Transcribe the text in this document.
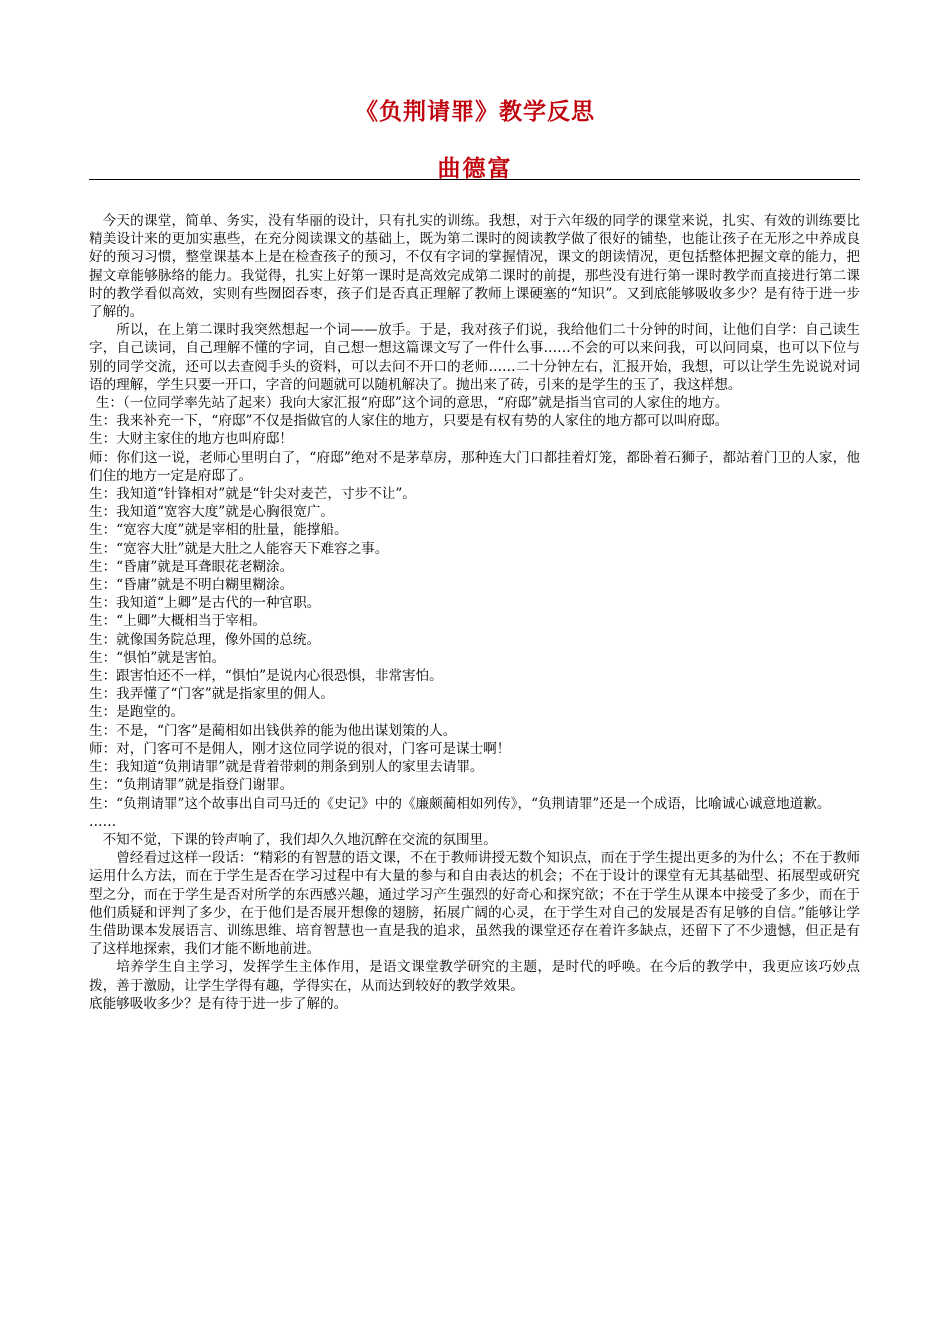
《负荆请罪》教学反思
曲德富

今天的课堂，简单、务实，没有华丽的设计，只有扎实的训练。我想，对于六年级的同学的课堂来说，扎实、有效的训练要比精美设计来的更加实惠些，在充分阅读课文的基础上，既为第二课时的阅读教学做了很好的铺垫，也能让孩子在无形之中养成良好的预习习惯，整堂课基本上是在检查孩子的预习，不仅有字词的掌握情况，课文的朗读情况，更包括整体把握文章的能力，把握文章能够脉络的能力。我觉得，扎实上好第一课时是高效完成第二课时的前提，那些没有进行第一课时教学而直接进行第二课时的教学看似高效，实则有些囫囵吞枣，孩子们是否真正理解了教师上课硬塞的“知识”。又到底能够吸收多少？是有待于进一步了解的。

所以，在上第二课时我突然想起一个词——放手。于是，我对孩子们说，我给他们二十分钟的时间，让他们自学：自己读生字，自己读词，自己理解不懂的字词，自己想一想这篇课文写了一件什么事……不会的可以来问我，可以问同桌，也可以下位与别的同学交流，还可以去查阅手头的资料，可以去问不开口的老师……二十分钟左右，汇报开始，我想，可以让学生先说说对词语的理解，学生只要一开口，字音的问题就可以随机解决了。抛出来了砖，引来的是学生的玉了，我这样想。

生：（一位同学率先站了起来）我向大家汇报“府邸”这个词的意思，“府邸”就是指当官司的人家住的地方。

生：我来补充一下，“府邸”不仅是指做官的人家住的地方，只要是有权有势的人家住的地方都可以叫府邸。

生：大财主家住的地方也叫府邸！

师：你们这一说，老师心里明白了，“府邸”绝对不是茅草房，那种连大门口都挂着灯笼，都卧着石狮子，都站着门卫的人家，他们住的地方一定是府邸了。

生：我知道“针锋相对”就是“针尖对麦芒，寸步不让”。

生：我知道“宽容大度”就是心胸很宽广。

生：“宽容大度”就是宰相的肚量，能撑船。

生：“宽容大肚”就是大肚之人能容天下难容之事。

生：“昏庸”就是耳聋眼花老糊涂。

生：“昏庸”就是不明白糊里糊涂。

生：我知道“上卿”是古代的一种官职。

生：“上卿”大概相当于宰相。

生：就像国务院总理，像外国的总统。

生：“惧怕”就是害怕。

生：跟害怕还不一样，“惧怕”是说内心很恐惧，非常害怕。

生：我弄懂了“门客”就是指家里的佣人。

生：是跑堂的。

生：不是，“门客”是蔺相如出钱供养的能为他出谋划策的人。

师：对，门客可不是佣人，刚才这位同学说的很对，门客可是谋士啊！

生：我知道“负荆请罪”就是背着带刺的荆条到别人的家里去请罪。

生：“负荆请罪”就是指登门谢罪。

生：“负荆请罪”这个故事出自司马迁的《史记》中的《廉颇蔺相如列传》，“负荆请罪”还是一个成语，比喻诚心诚意地道歉。

……

不知不觉，下课的铃声响了，我们却久久地沉醉在交流的氛围里。

曾经看过这样一段话：“精彩的有智慧的语文课，不在于教师讲授无数个知识点，而在于学生提出更多的为什么；不在于教师运用什么方法，而在于学生是否在学习过程中有大量的参与和自由表达的机会；不在于设计的课堂有无其基础型、拓展型或研究型之分，而在于学生是否对所学的东西感兴趣，通过学习产生强烈的好奇心和探究欲；不在于学生从课本中接受了多少，而在于他们质疑和评判了多少，在于他们是否展开想像的翅膀，拓展广阔的心灵，在于学生对自己的发展是否有足够的自信。”能够让学生借助课本发展语言、训练思维、培育智慧也一直是我的追求，虽然我的课堂还存在着许多缺点，还留下了不少遗憾，但正是有了这样地探索，我们才能不断地前进。

培养学生自主学习，发挥学生主体作用，是语文课堂教学研究的主题，是时代的呼唤。在今后的教学中，我更应该巧妙点拨，善于激励，让学生学得有趣，学得实在，从而达到较好的教学效果。

底能够吸收多少？是有待于进一步了解的。
